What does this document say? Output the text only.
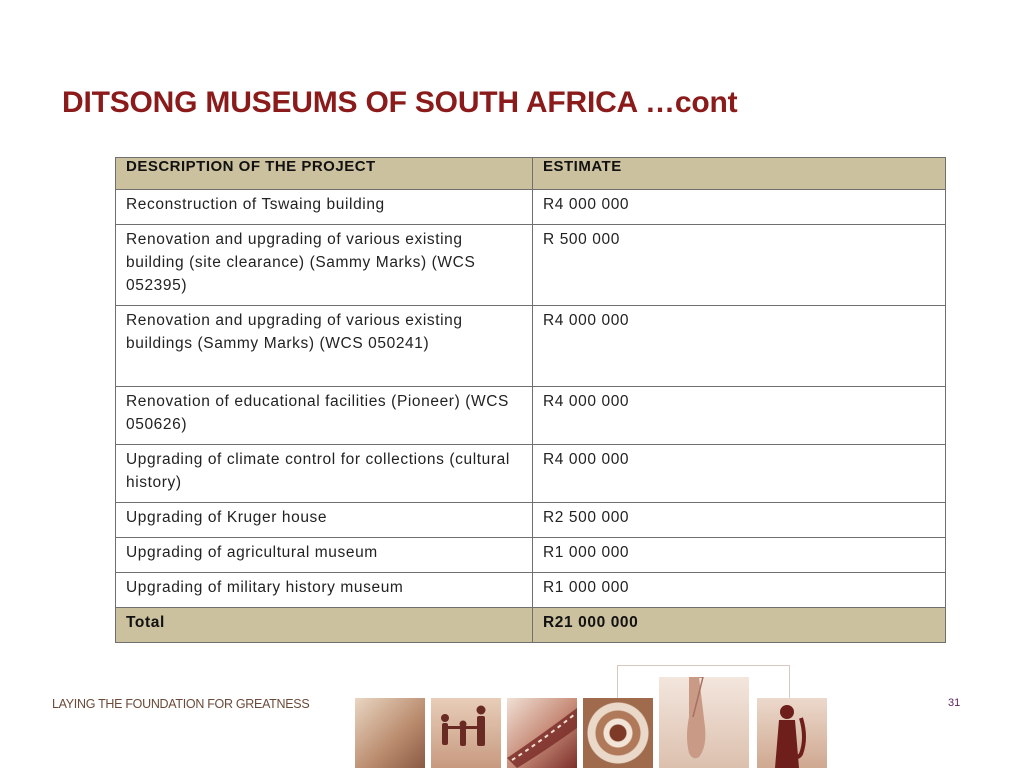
DITSONG MUSEUMS OF SOUTH AFRICA …cont
DESCRIPTION OF THE PROJECT	ESTIMATE
Reconstruction of Tswaing building	R4 000 000
Renovation and upgrading of various existing building (site clearance) (Sammy Marks) (WCS 052395)	R 500 000
Renovation and upgrading of various existing buildings (Sammy Marks) (WCS 050241)	R4 000 000
Renovation of educational facilities (Pioneer) (WCS 050626)	R4 000 000
Upgrading of climate control for collections (cultural history)	R4 000 000
Upgrading of Kruger house	R2 500 000
Upgrading of agricultural museum	R1 000 000
Upgrading of military history museum	R1 000 000
Total	R21 000 000
LAYING THE FOUNDATION FOR GREATNESS	31
